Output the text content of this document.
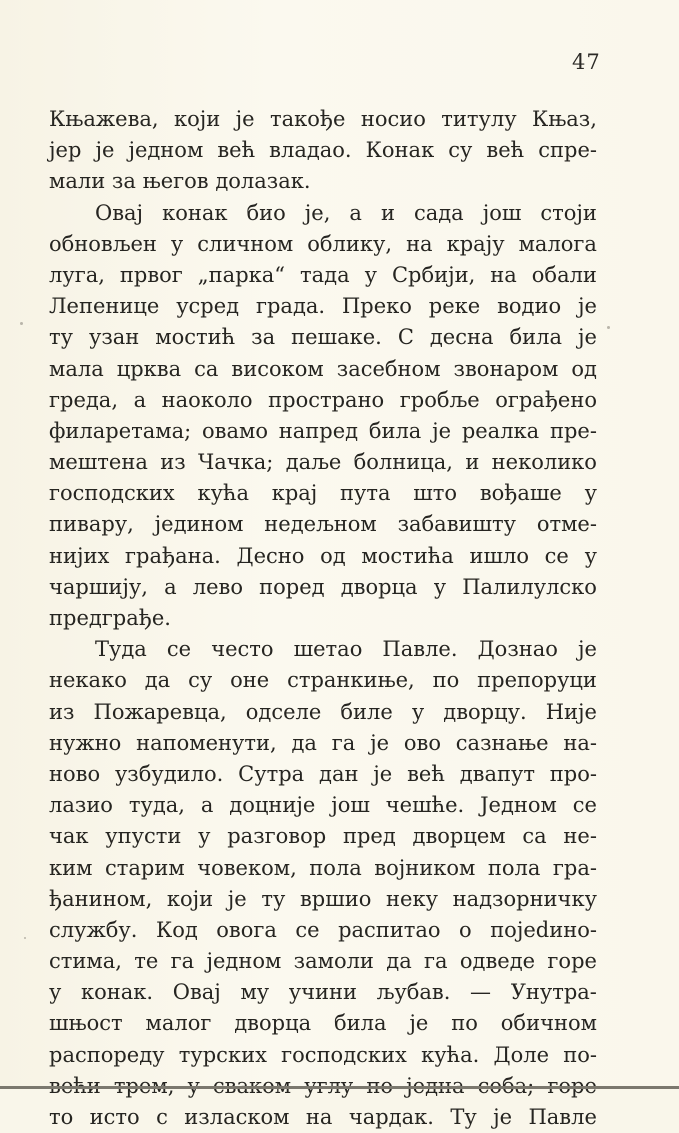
47
Књажева, који је такође носио титулу Књаз,
јер је једном већ владао. Конак су већ спре-
мали за његов долазак.
Овај конак био је, а и сада још стоји
обновљен у сличном облику, на крају малога
луга, првог „парка“ тада у Србији, на обали
Лепенице усред града. Преко реке водио је
ту узан мостић за пешаке. С десна била је
мала црква са високом засебном звонаром од
греда, а наоколо пространо гробље ограђено
филаретама; овамо напред била је реалка пре-
мештена из Чачка; даље болница, и неколико
господских кућа крај пута што вођаше у
пивару, једином недељном забавишту отме-
нијих грађана. Десно од мостића ишло се у
чаршију, а лево поред дворца у Палилулско
предграђе.
Туда се често шетао Павле. Дознао је
некако да су оне странкиње, по препоруци
из Пожаревца, одселе биле у дворцу. Није
нужно напоменути, да га је ово сазнање на-
ново узбудило. Сутра дан је већ двапут про-
лазио туда, а доцније још чешће. Једном се
чак упусти у разговор пред дворцем са не-
ким старим човеком, пола војником пола гра-
ђанином, који је ту вршио неку надзорничку
службу. Код овога се распитао о појedино-
стима, те га једном замоли да га одведе горе
у конак. Овај му учини љубав. — Унутра-
шњост малог дворца била је по обичном
распореду турских господских кућа. Доле по-
то исто с изласком на чардак. Ту је Павле
